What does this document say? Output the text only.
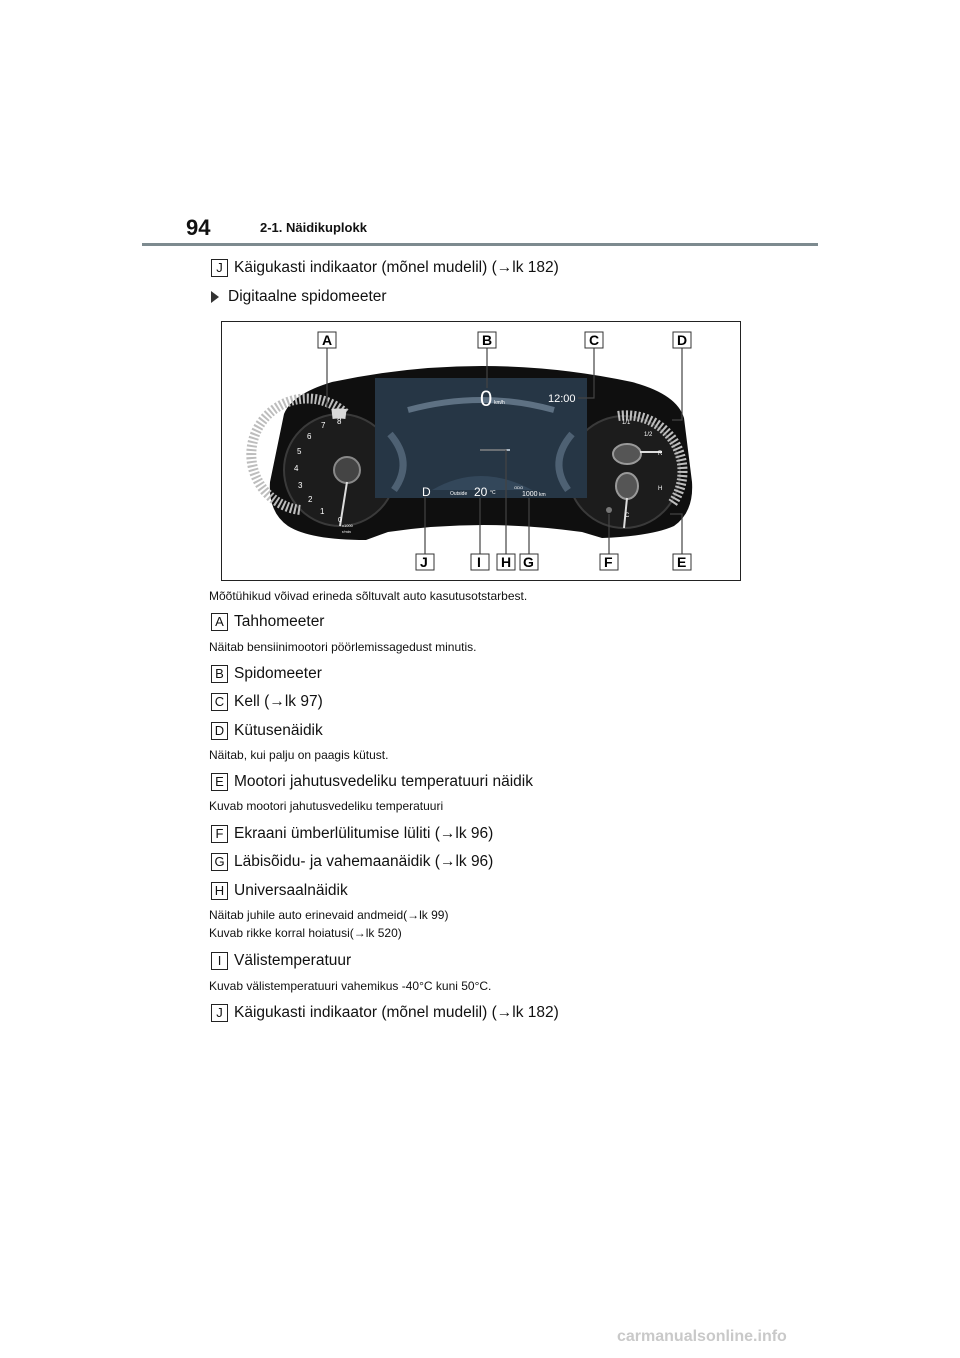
94	2-1. Näidikuplokk
J Käigukasti indikaator (mõnel mudelil) ( → lk 182)
Digitaalne spidomeeter
0 km/h	12:00
D	Outside 20 °C
ODO
1000 km
0
1
2
3
4
5
6
7 8
x1000
r/min
1/1
1/2
R
H
C
A	B	C	D
J	I H G	F	E
Mõõtühikud võivad erineda sõltuvalt auto kasutusotstarbest.
A Tahhomeeter
Näitab bensiinimootori pöörlemissagedust minutis.
B Spidomeeter
C Kell ( → lk 97)
D Kütusenäidik
Näitab, kui palju on paagis kütust.
E Mootori jahutusvedeliku temperatuuri näidik
Kuvab mootori jahutusvedeliku temperatuuri
F Ekraani ümberlülitumise lüliti ( → lk 96)
G Läbisõidu- ja vahemaanäidik ( → lk 96)
H Universaalnäidik
Näitab juhile auto erinevaid andmeid(→lk 99)
Kuvab rikke korral hoiatusi(→lk 520)
I Välistemperatuur
Kuvab välistemperatuuri vahemikus -40°C kuni 50°C.
J Käigukasti indikaator (mõnel mudelil) ( → lk 182)
carmanualsonline.info
